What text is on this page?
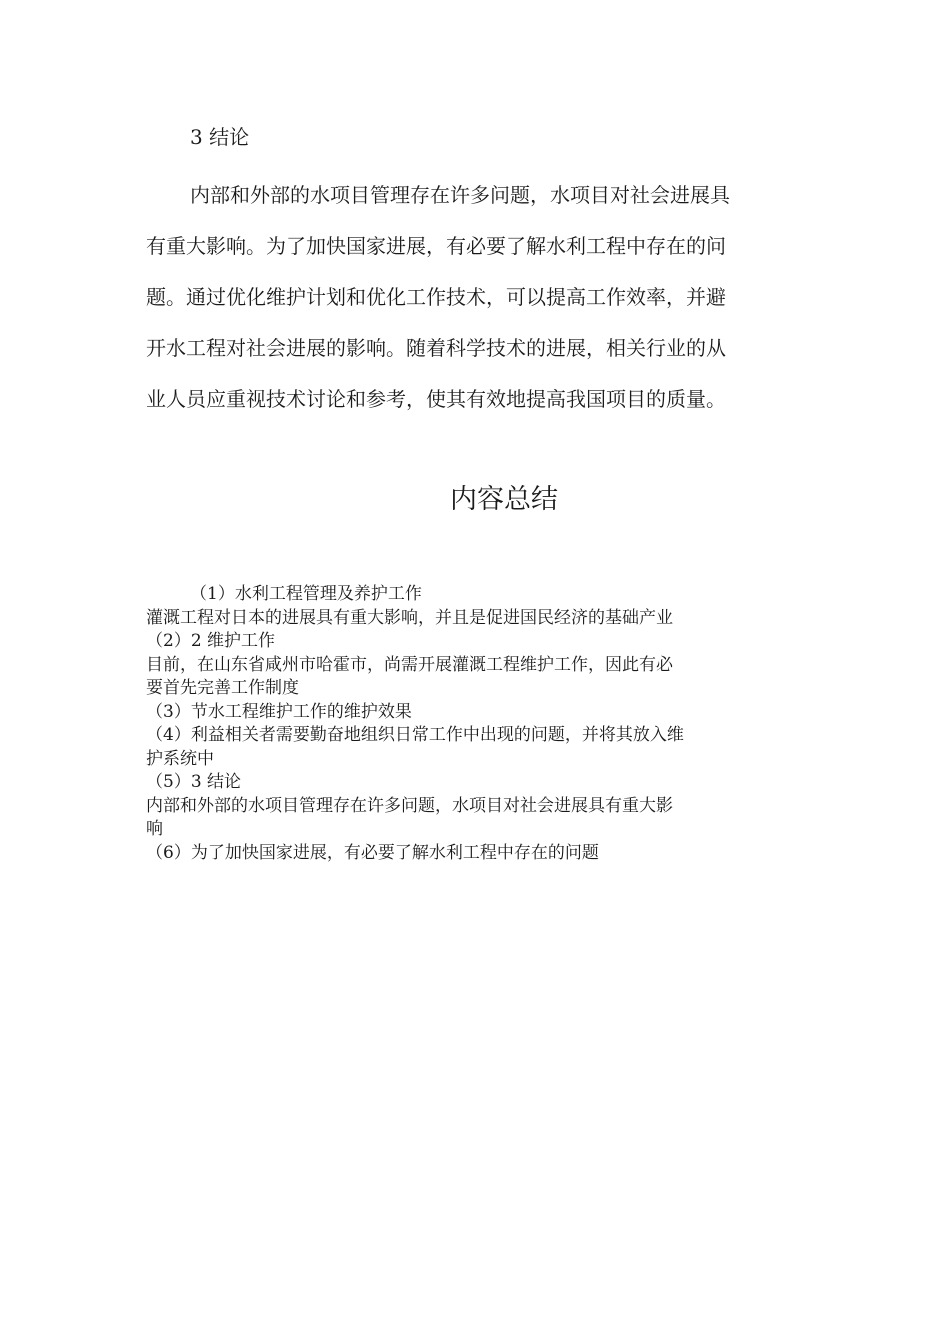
3 结论
内部和外部的水项目管理存在许多问题，水项目对社会进展具
有重大影响。为了加快国家进展，有必要了解水利工程中存在的问
题。通过优化维护计划和优化工作技术，可以提高工作效率，并避
开水工程对社会进展的影响。随着科学技术的进展，相关行业的从
业人员应重视技术讨论和参考，使其有效地提高我国项目的质量。
内容总结
（1）水利工程管理及养护工作
灌溉工程对日本的进展具有重大影响，并且是促进国民经济的基础产业
（2）2 维护工作
目前，在山东省咸州市哈霍市，尚需开展灌溉工程维护工作，因此有必
要首先完善工作制度
（3）节水工程维护工作的维护效果
（4）利益相关者需要勤奋地组织日常工作中出现的问题，并将其放入维
护系统中
（5）3 结论
内部和外部的水项目管理存在许多问题，水项目对社会进展具有重大影
响
（6）为了加快国家进展，有必要了解水利工程中存在的问题
